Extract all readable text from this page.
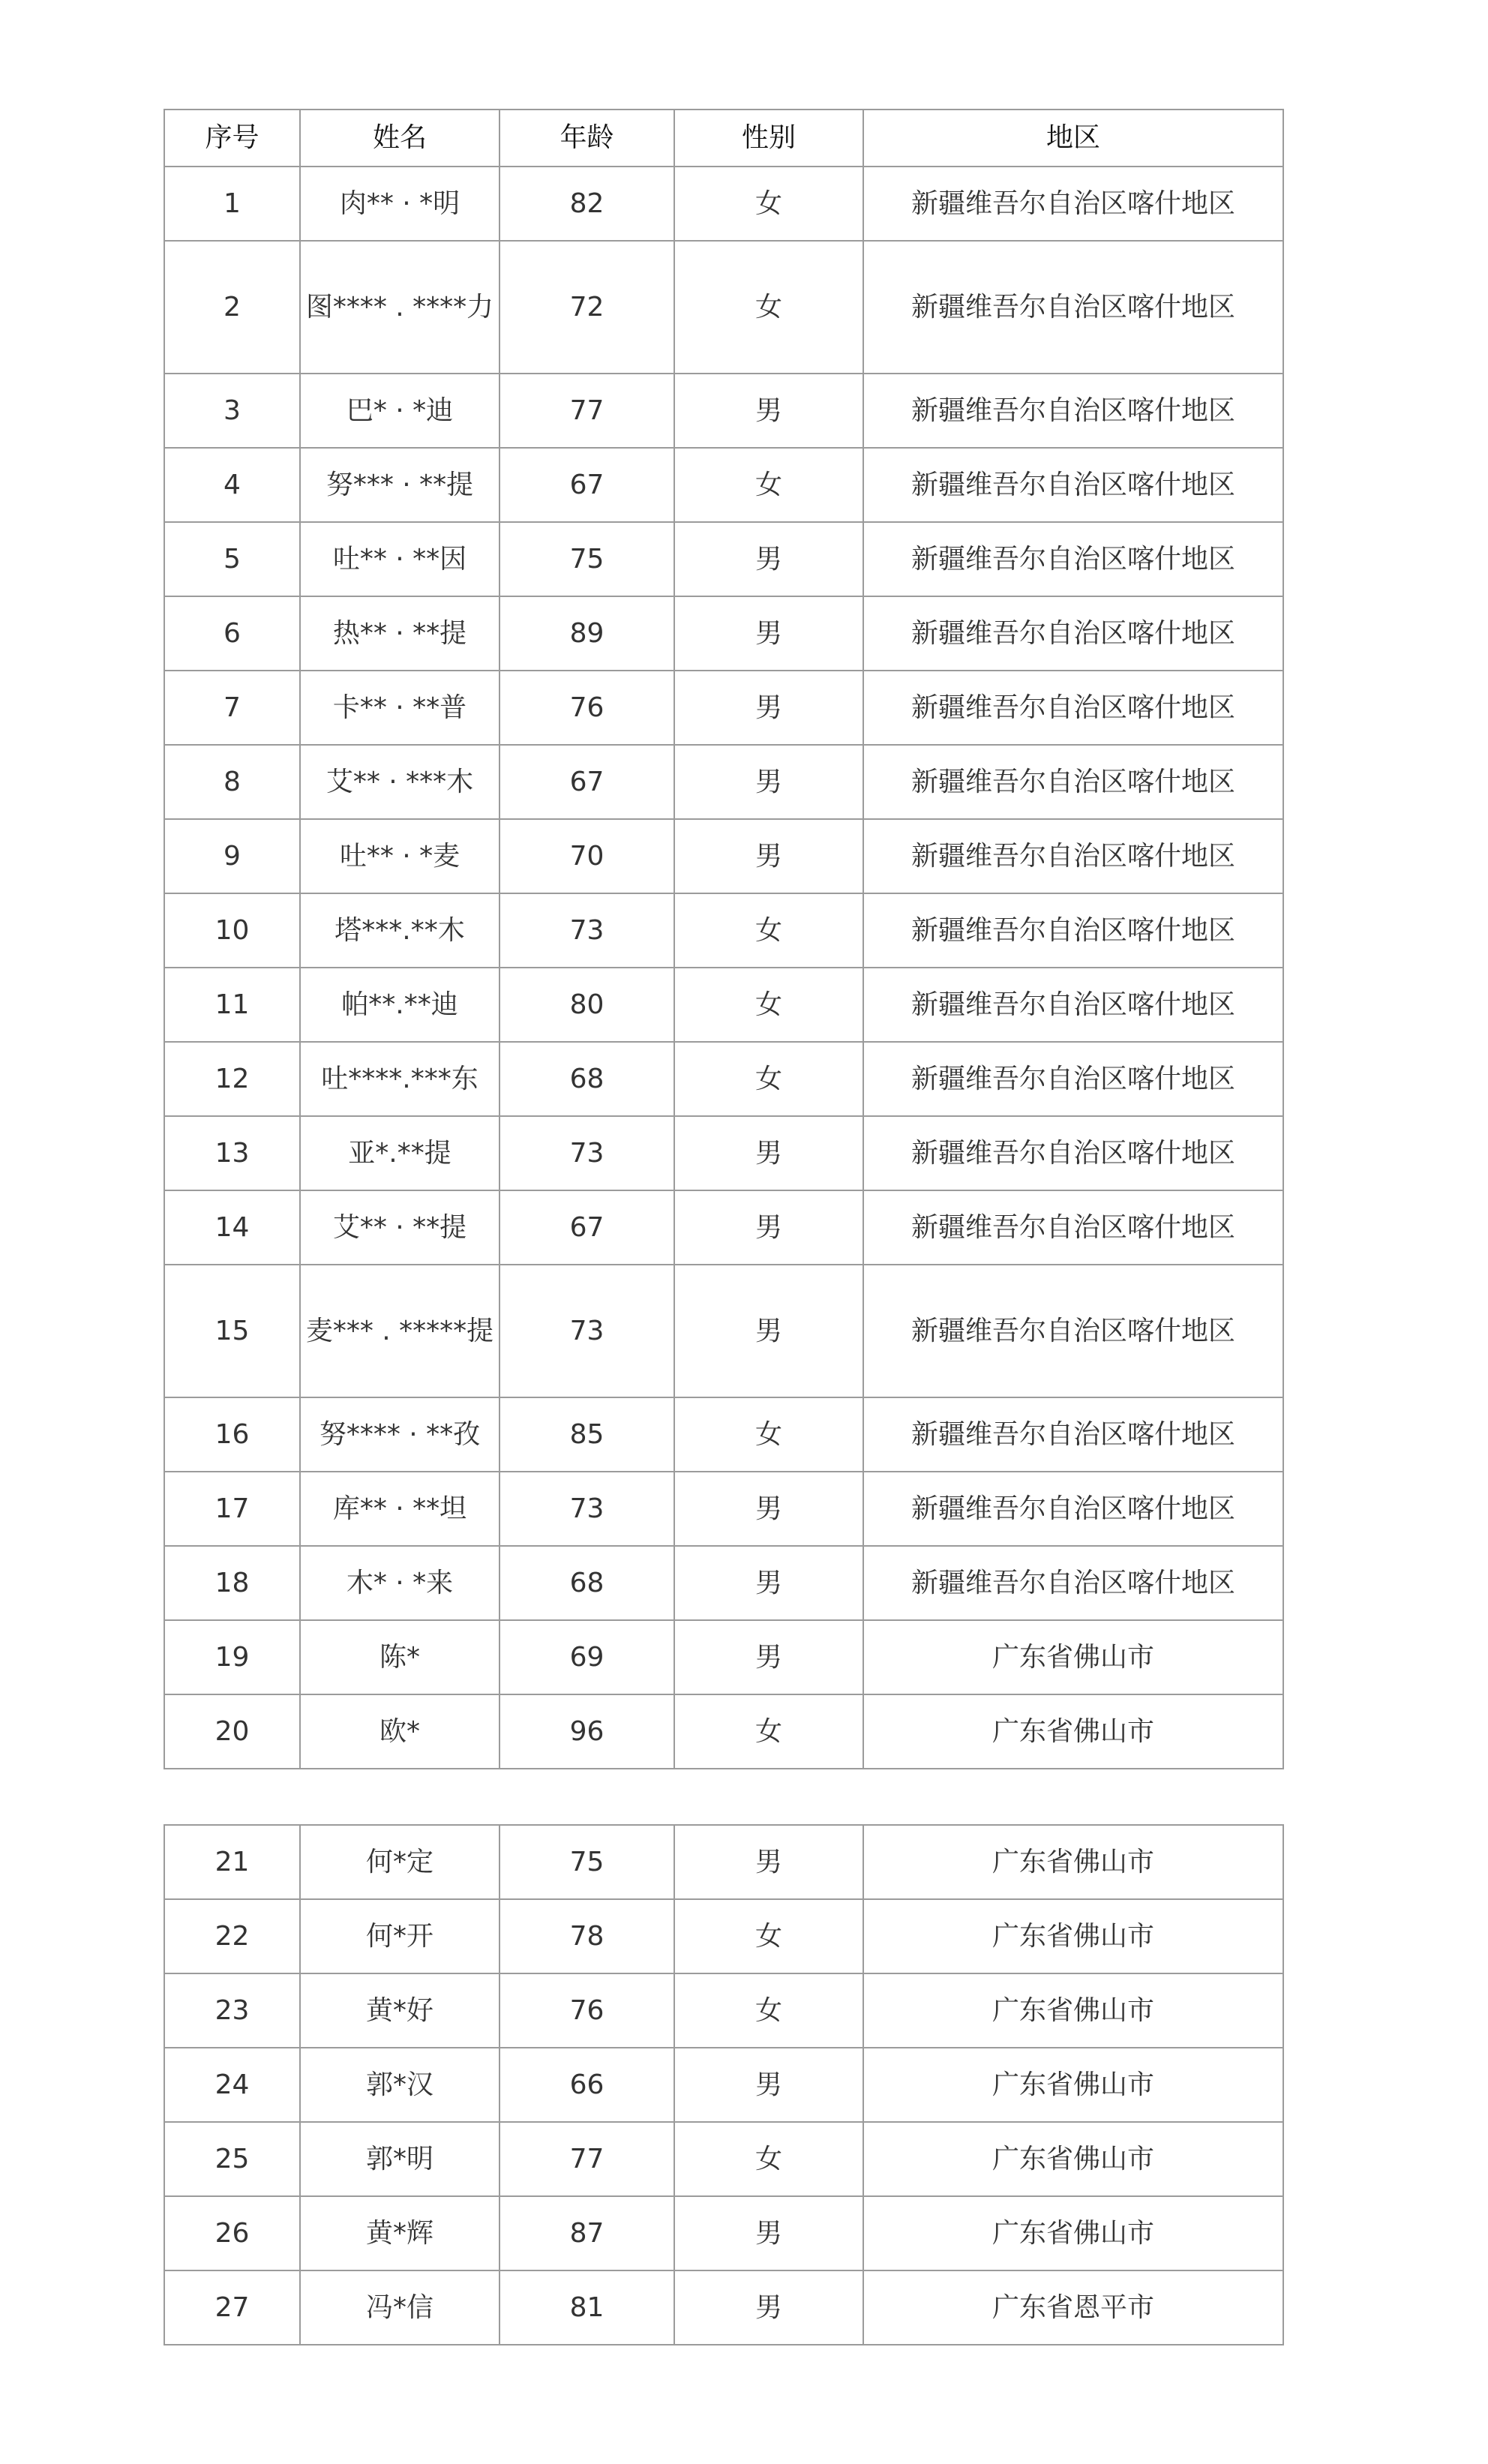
序号	姓名	年龄	性别	地区
1	肉** · *明	82	女	新疆维吾尔自治区喀什地区
2	图**** . ****力	72	女	新疆维吾尔自治区喀什地区
3	巴* · *迪	77	男	新疆维吾尔自治区喀什地区
4	努*** · **提	67	女	新疆维吾尔自治区喀什地区
5	吐** · **因	75	男	新疆维吾尔自治区喀什地区
6	热** · **提	89	男	新疆维吾尔自治区喀什地区
7	卡** · **普	76	男	新疆维吾尔自治区喀什地区
8	艾** · ***木	67	男	新疆维吾尔自治区喀什地区
9	吐** · *麦	70	男	新疆维吾尔自治区喀什地区
10	塔***.**木	73	女	新疆维吾尔自治区喀什地区
11	帕**.**迪	80	女	新疆维吾尔自治区喀什地区
12	吐****.***东	68	女	新疆维吾尔自治区喀什地区
13	亚*.**提	73	男	新疆维吾尔自治区喀什地区
14	艾** · **提	67	男	新疆维吾尔自治区喀什地区
15	麦*** . *****提	73	男	新疆维吾尔自治区喀什地区
16	努**** · **孜	85	女	新疆维吾尔自治区喀什地区
17	库** · **坦	73	男	新疆维吾尔自治区喀什地区
18	木* · *来	68	男	新疆维吾尔自治区喀什地区
19	陈*	69	男	广东省佛山市
20	欧*	96	女	广东省佛山市
21	何*定	75	男	广东省佛山市
22	何*开	78	女	广东省佛山市
23	黄*好	76	女	广东省佛山市
24	郭*汉	66	男	广东省佛山市
25	郭*明	77	女	广东省佛山市
26	黄*辉	87	男	广东省佛山市
27	冯*信	81	男	广东省恩平市
